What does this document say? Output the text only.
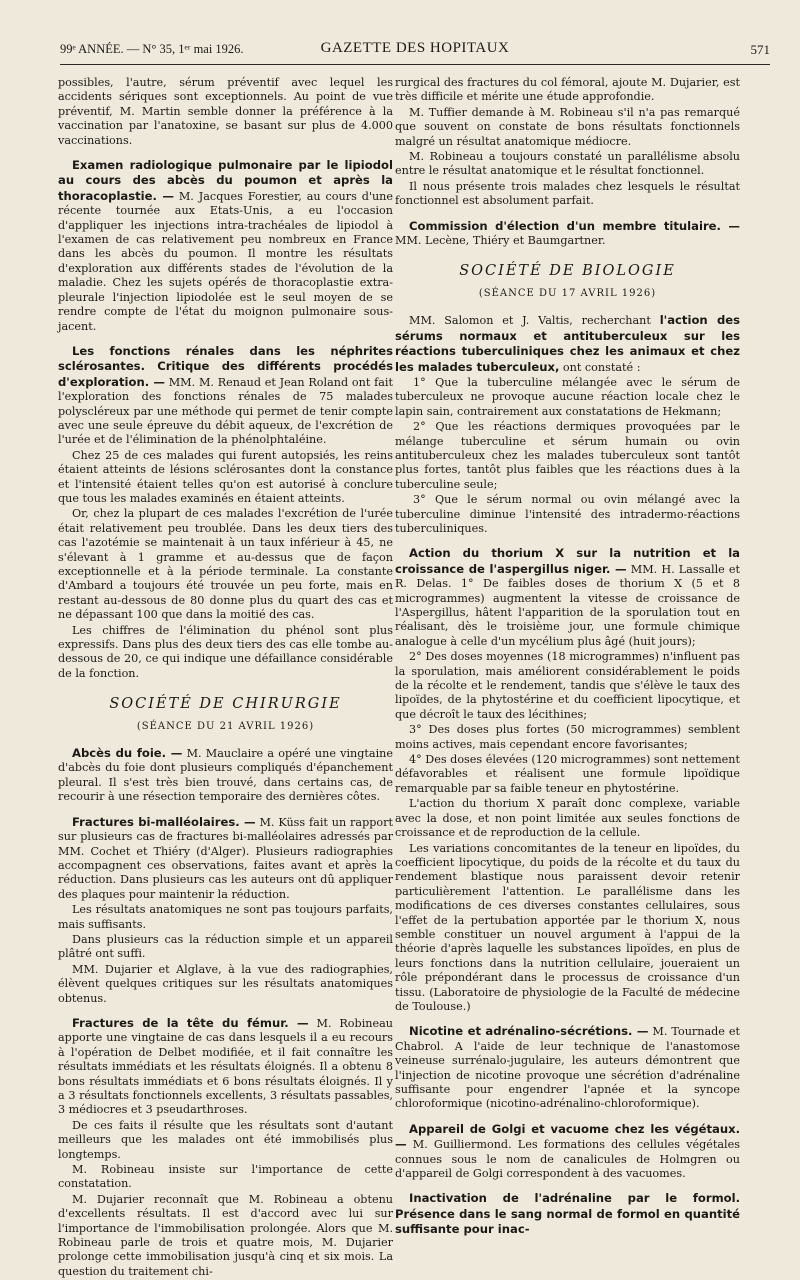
99ᵉ ANNÉE. — N° 35, 1ᵉʳ mai 1926.	GAZETTE DES HOPITAUX	571

possibles, l'autre, sérum préventif avec lequel les accidents sériques sont exceptionnels. Au point de vue préventif, M. Martin semble donner la préférence à la vaccination par l'anatoxine, se basant sur plus de 4.000 vaccinations.

Examen radiologique pulmonaire par le lipiodol au cours des abcès du poumon et après la thoracoplastie. — M. Jacques Forestier, au cours d'une récente tournée aux Etats-Unis, a eu l'occasion d'appliquer les injections intra-trachéales de lipiodol à l'examen de cas relativement peu nombreux en France dans les abcès du poumon. Il montre les résultats d'exploration aux différents stades de l'évolution de la maladie. Chez les sujets opérés de thoracoplastie extra-pleurale l'injection lipiodolée est le seul moyen de se rendre compte de l'état du moignon pulmonaire sous-jacent.

Les fonctions rénales dans les néphrites sclérosantes. Critique des différents procédés d'exploration. — MM. M. Renaud et Jean Roland ont fait l'exploration des fonctions rénales de 75 malades polyscléreux par une méthode qui permet de tenir compte avec une seule épreuve du débit aqueux, de l'excrétion de l'urée et de l'élimination de la phénolphtaléine.

Chez 25 de ces malades qui furent autopsiés, les reins étaient atteints de lésions sclérosantes dont la constance et l'intensité étaient telles qu'on est autorisé à conclure que tous les malades examinés en étaient atteints.

Or, chez la plupart de ces malades l'excrétion de l'urée était relativement peu troublée. Dans les deux tiers des cas l'azotémie se maintenait à un taux inférieur à 45, ne s'élevant à 1 gramme et au-dessus que de façon exceptionnelle et à la période terminale. La constante d'Ambard a toujours été trouvée un peu forte, mais en restant au-dessous de 80 donne plus du quart des cas et ne dépassant 100 que dans la moitié des cas.

Les chiffres de l'élimination du phénol sont plus expressifs. Dans plus des deux tiers des cas elle tombe au-dessous de 20, ce qui indique une défaillance considérable de la fonction.

SOCIÉTÉ DE CHIRURGIE
(SÉANCE DU 21 AVRIL 1926)

Abcès du foie. — M. Mauclaire a opéré une vingtaine d'abcès du foie dont plusieurs compliqués d'épanchement pleural. Il s'est très bien trouvé, dans certains cas, de recourir à une résection temporaire des dernières côtes.

Fractures bi-malléolaires. — M. Küss fait un rapport sur plusieurs cas de fractures bi-malléolaires adressés par MM. Cochet et Thiéry (d'Alger). Plusieurs radiographies accompagnent ces observations, faites avant et après la réduction. Dans plusieurs cas les auteurs ont dû appliquer des plaques pour maintenir la réduction.

Les résultats anatomiques ne sont pas toujours parfaits, mais suffisants.

Dans plusieurs cas la réduction simple et un appareil plâtré ont suffi.

MM. Dujarier et Alglave, à la vue des radiographies, élèvent quelques critiques sur les résultats anatomiques obtenus.

Fractures de la tête du fémur. — M. Robineau apporte une vingtaine de cas dans lesquels il a eu recours à l'opération de Delbet modifiée, et il fait connaître les résultats immédiats et les résultats éloignés. Il a obtenu 8 bons résultats immédiats et 6 bons résultats éloignés. Il y a 3 résultats fonctionnels excellents, 3 résultats passables, 3 médiocres et 3 pseudarthroses.

De ces faits il résulte que les résultats sont d'autant meilleurs que les malades ont été immobilisés plus longtemps.

M. Robineau insiste sur l'importance de cette constatation.

M. Dujarier reconnaît que M. Robineau a obtenu d'excellents résultats. Il est d'accord avec lui sur l'importance de l'immobilisation prolongée. Alors que M. Robineau parle de trois et quatre mois, M. Dujarier prolonge cette immobilisation jusqu'à cinq et six mois. La question du traitement chi-

rurgical des fractures du col fémoral, ajoute M. Dujarier, est très difficile et mérite une étude approfondie.

M. Tuffier demande à M. Robineau s'il n'a pas remarqué que souvent on constate de bons résultats fonctionnels malgré un résultat anatomique médiocre.

M. Robineau a toujours constaté un parallélisme absolu entre le résultat anatomique et le résultat fonctionnel.

Il nous présente trois malades chez lesquels le résultat fonctionnel est absolument parfait.

Commission d'élection d'un membre titulaire. — MM. Lecène, Thiéry et Baumgartner.

SOCIÉTÉ DE BIOLOGIE
(SÉANCE DU 17 AVRIL 1926)

MM. Salomon et J. Valtis, recherchant l'action des sérums normaux et antituberculeux sur les réactions tuberculiniques chez les animaux et chez les malades tuberculeux, ont constaté :

1° Que la tuberculine mélangée avec le sérum de tuberculeux ne provoque aucune réaction locale chez le lapin sain, contrairement aux constatations de Hekmann;

2° Que les réactions dermiques provoquées par le mélange tuberculine et sérum humain ou ovin antituberculeux chez les malades tuberculeux sont tantôt plus fortes, tantôt plus faibles que les réactions dues à la tuberculine seule;

3° Que le sérum normal ou ovin mélangé avec la tuberculine diminue l'intensité des intradermo-réactions tuberculiniques.

Action du thorium X sur la nutrition et la croissance de l'aspergillus niger. — MM. H. Lassalle et R. Delas. 1° De faibles doses de thorium X (5 et 8 microgrammes) augmentent la vitesse de croissance de l'Aspergillus, hâtent l'apparition de la sporulation tout en réalisant, dès le troisième jour, une formule chimique analogue à celle d'un mycélium plus âgé (huit jours);

2° Des doses moyennes (18 microgrammes) n'influent pas la sporulation, mais améliorent considérablement le poids de la récolte et le rendement, tandis que s'élève le taux des lipoïdes, de la phytostérine et du coefficient lipocytique, et que décroît le taux des lécithines;

3° Des doses plus fortes (50 microgrammes) semblent moins actives, mais cependant encore favorisantes;

4° Des doses élevées (120 microgrammes) sont nettement défavorables et réalisent une formule lipoïdique remarquable par sa faible teneur en phytostérine.

L'action du thorium X paraît donc complexe, variable avec la dose, et non point limitée aux seules fonctions de croissance et de reproduction de la cellule.

Les variations concomitantes de la teneur en lipoïdes, du coefficient lipocytique, du poids de la récolte et du taux du rendement blastique nous paraissent devoir retenir particulièrement l'attention. Le parallélisme dans les modifications de ces diverses constantes cellulaires, sous l'effet de la pertubation apportée par le thorium X, nous semble constituer un nouvel argument à l'appui de la théorie d'après laquelle les substances lipoïdes, en plus de leurs fonctions dans la nutrition cellulaire, joueraient un rôle prépondérant dans le processus de croissance d'un tissu. (Laboratoire de physiologie de la Faculté de médecine de Toulouse.)

Nicotine et adrénalino-sécrétions. — M. Tournade et Chabrol. A l'aide de leur technique de l'anastomose veineuse surrénalo-jugulaire, les auteurs démontrent que l'injection de nicotine provoque une sécrétion d'adrénaline suffisante pour engendrer l'apnée et la syncope chloroformique (nicotino-adrénalino-chloroformique).

Appareil de Golgi et vacuome chez les végétaux. — M. Guilliermond. Les formations des cellules végétales connues sous le nom de canalicules de Holmgren ou d'appareil de Golgi correspondent à des vacuomes.

Inactivation de l'adrénaline par le formol. Présence dans le sang normal de formol en quantité suffisante pour inac-
